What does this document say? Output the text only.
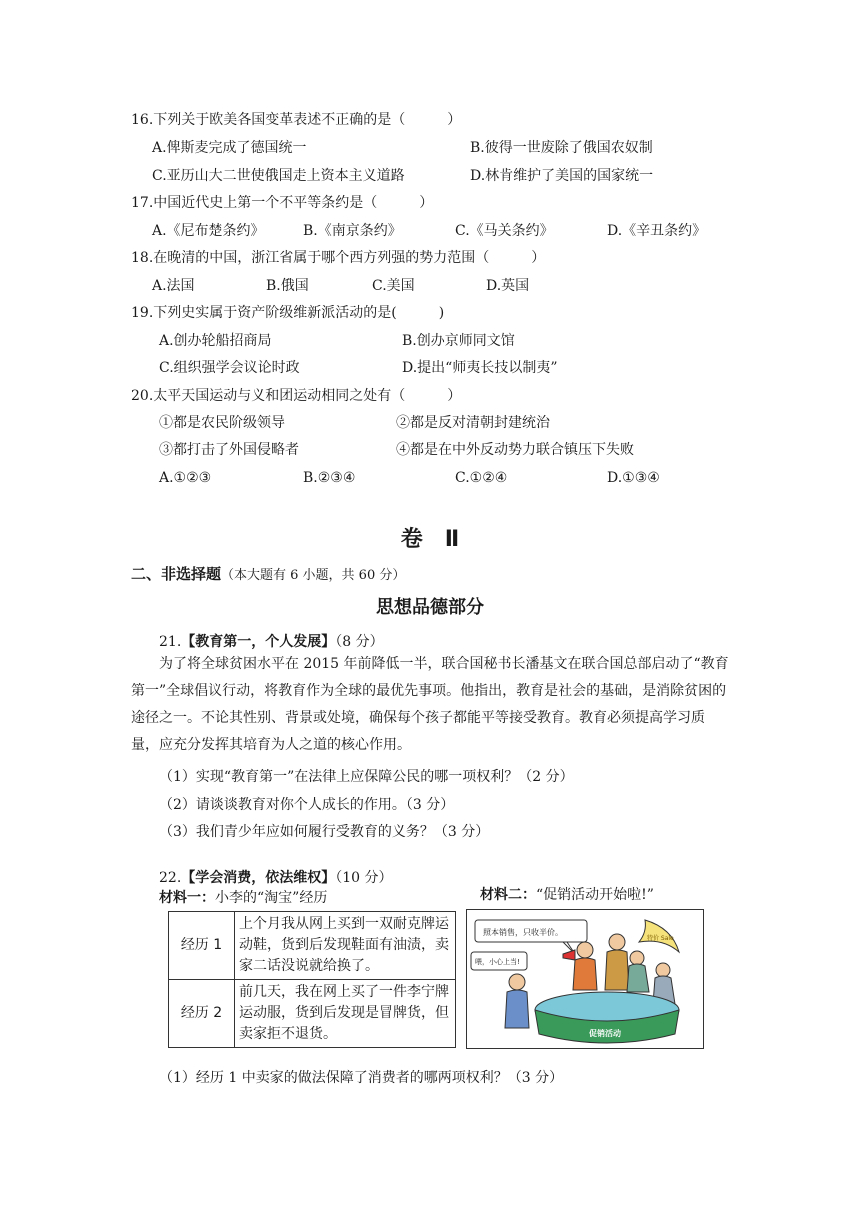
16.下列关于欧美各国变革表述不正确的是（　　　）
A.俾斯麦完成了德国统一	B.彼得一世废除了俄国农奴制
C.亚历山大二世使俄国走上资本主义道路	D.林肯维护了美国的国家统一
17.中国近代史上第一个不平等条约是（　　　）
A.《尼布楚条约》	B.《南京条约》	C.《马关条约》	D.《辛丑条约》
18.在晚清的中国，浙江省属于哪个西方列强的势力范围（　　　）
A.法国	B.俄国	C.美国	D.英国
19.下列史实属于资产阶级维新派活动的是(　　　)
A.创办轮船招商局	B.创办京师同文馆
C.组织强学会议论时政	D.提出“师夷长技以制夷”
20.太平天国运动与义和团运动相同之处有（　　　）
①都是农民阶级领导	②都是反对清朝封建统治
③都打击了外国侵略者	④都是在中外反动势力联合镇压下失败
A.①②③	B.②③④	C.①②④	D.①③④
卷　Ⅱ
二、非选择题（本大题有 6 小题，共 60 分）
思想品德部分
21.【教育第一，个人发展】（8 分）
为了将全球贫困水平在 2015 年前降低一半，联合国秘书长潘基文在联合国总部启动了“教育第一”全球倡议行动，将教育作为全球的最优先事项。他指出，教育是社会的基础，是消除贫困的途径之一。不论其性别、背景或处境，确保每个孩子都能平等接受教育。教育必须提高学习质量，应充分发挥其培育为人之道的核心作用。
（1）实现“教育第一”在法律上应保障公民的哪一项权利？（2 分）
（2）请谈谈教育对你个人成长的作用。（3 分）
（3）我们青少年应如何履行受教育的义务？（3 分）
22.【学会消费，依法维权】（10 分）
材料一：小李的“淘宝”经历	材料二：“促销活动开始啦!”
经历 1	上个月我从网上买到一双耐克牌运动鞋，货到后发现鞋面有油渍，卖家二话没说就给换了。
经历 2	前几天，我在网上买了一件李宁牌运动服，货到后发现是冒牌货，但卖家拒不退货。
特价 Sale
照本销售，只收半价。
喂，小心上当!
促销活动
（1）经历 1 中卖家的做法保障了消费者的哪两项权利？（3 分）
